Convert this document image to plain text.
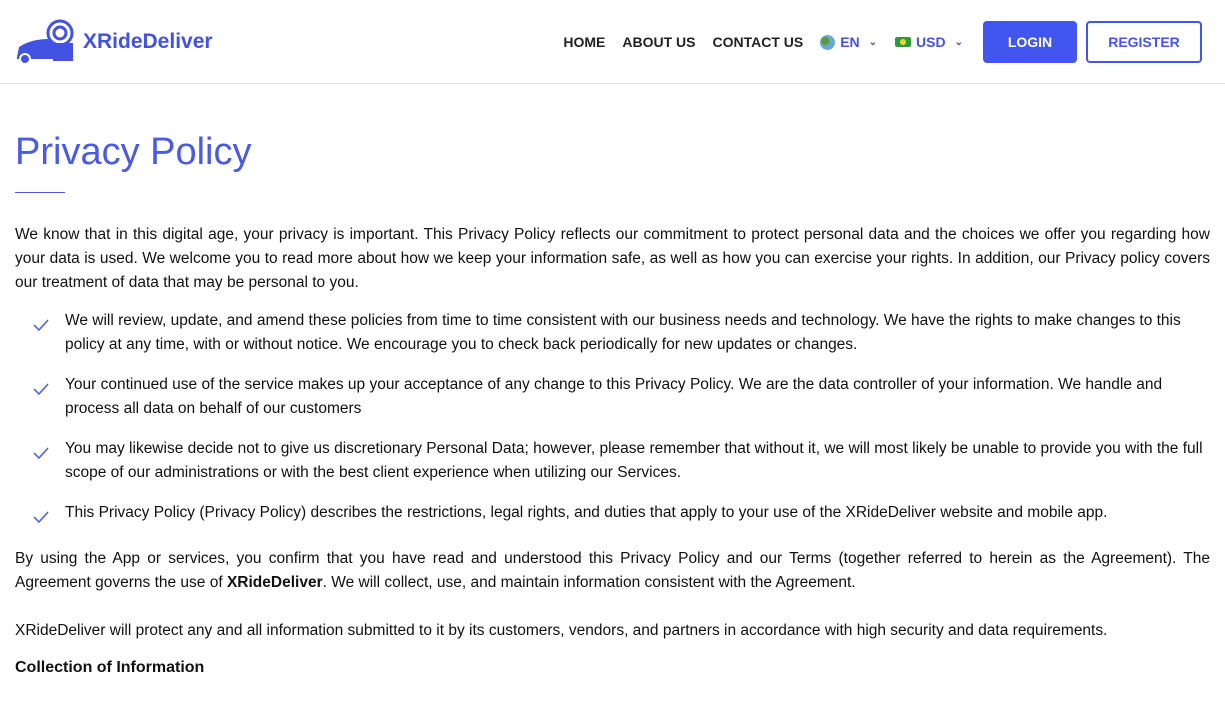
XRideDeliver	HOME ABOUT US CONTACT US	EN ⌄	USD ⌄	LOGIN	REGISTER
Privacy Policy

We know that in this digital age, your privacy is important. This Privacy Policy reflects our commitment to protect personal data and the choices we offer you regarding how your data is used. We welcome you to read more about how we keep your information safe, as well as how you can exercise your rights. In addition, our Privacy policy covers our treatment of data that may be personal to you.

We will review, update, and amend these policies from time to time consistent with our business needs and technology. We have the rights to make changes to this policy at any time, with or without notice. We encourage you to check back periodically for new updates or changes.
Your continued use of the service makes up your acceptance of any change to this Privacy Policy. We are the data controller of your information. We handle and process all data on behalf of our customers
You may likewise decide not to give us discretionary Personal Data; however, please remember that without it, we will most likely be unable to provide you with the full scope of our administrations or with the best client experience when utilizing our Services.
This Privacy Policy (Privacy Policy) describes the restrictions, legal rights, and duties that apply to your use of the XRideDeliver website and mobile app.

By using the App or services, you confirm that you have read and understood this Privacy Policy and our Terms (together referred to herein as the Agreement). The Agreement governs the use of XRideDeliver. We will collect, use, and maintain information consistent with the Agreement.

XRideDeliver will protect any and all information submitted to it by its customers, vendors, and partners in accordance with high security and data requirements.

Collection of Information
